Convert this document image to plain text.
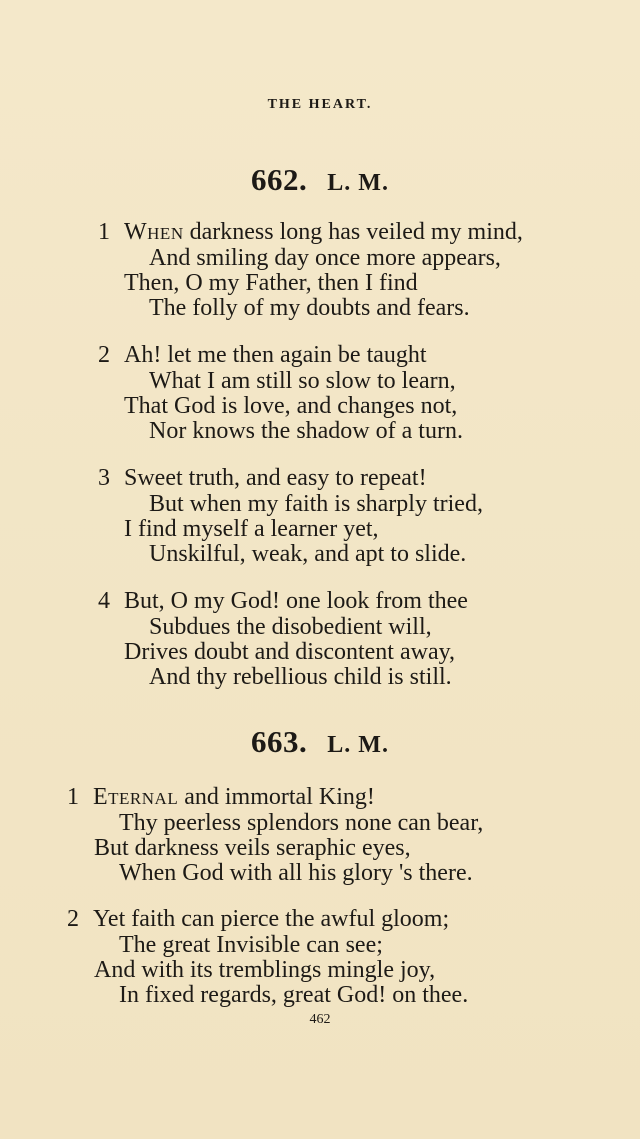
THE HEART.
662. L. M.
1 When darkness long has veiled my mind,
And smiling day once more appears,
Then, O my Father, then I find
The folly of my doubts and fears.
2 Ah! let me then again be taught
What I am still so slow to learn,
That God is love, and changes not,
Nor knows the shadow of a turn.
3 Sweet truth, and easy to repeat!
But when my faith is sharply tried,
I find myself a learner yet,
Unskilful, weak, and apt to slide.
4 But, O my God! one look from thee
Subdues the disobedient will,
Drives doubt and discontent away,
And thy rebellious child is still.
663. L. M.
1 Eternal and immortal King!
Thy peerless splendors none can bear,
But darkness veils seraphic eyes,
When God with all his glory 's there.
2 Yet faith can pierce the awful gloom;
The great Invisible can see;
And with its tremblings mingle joy,
In fixed regards, great God! on thee.
462
